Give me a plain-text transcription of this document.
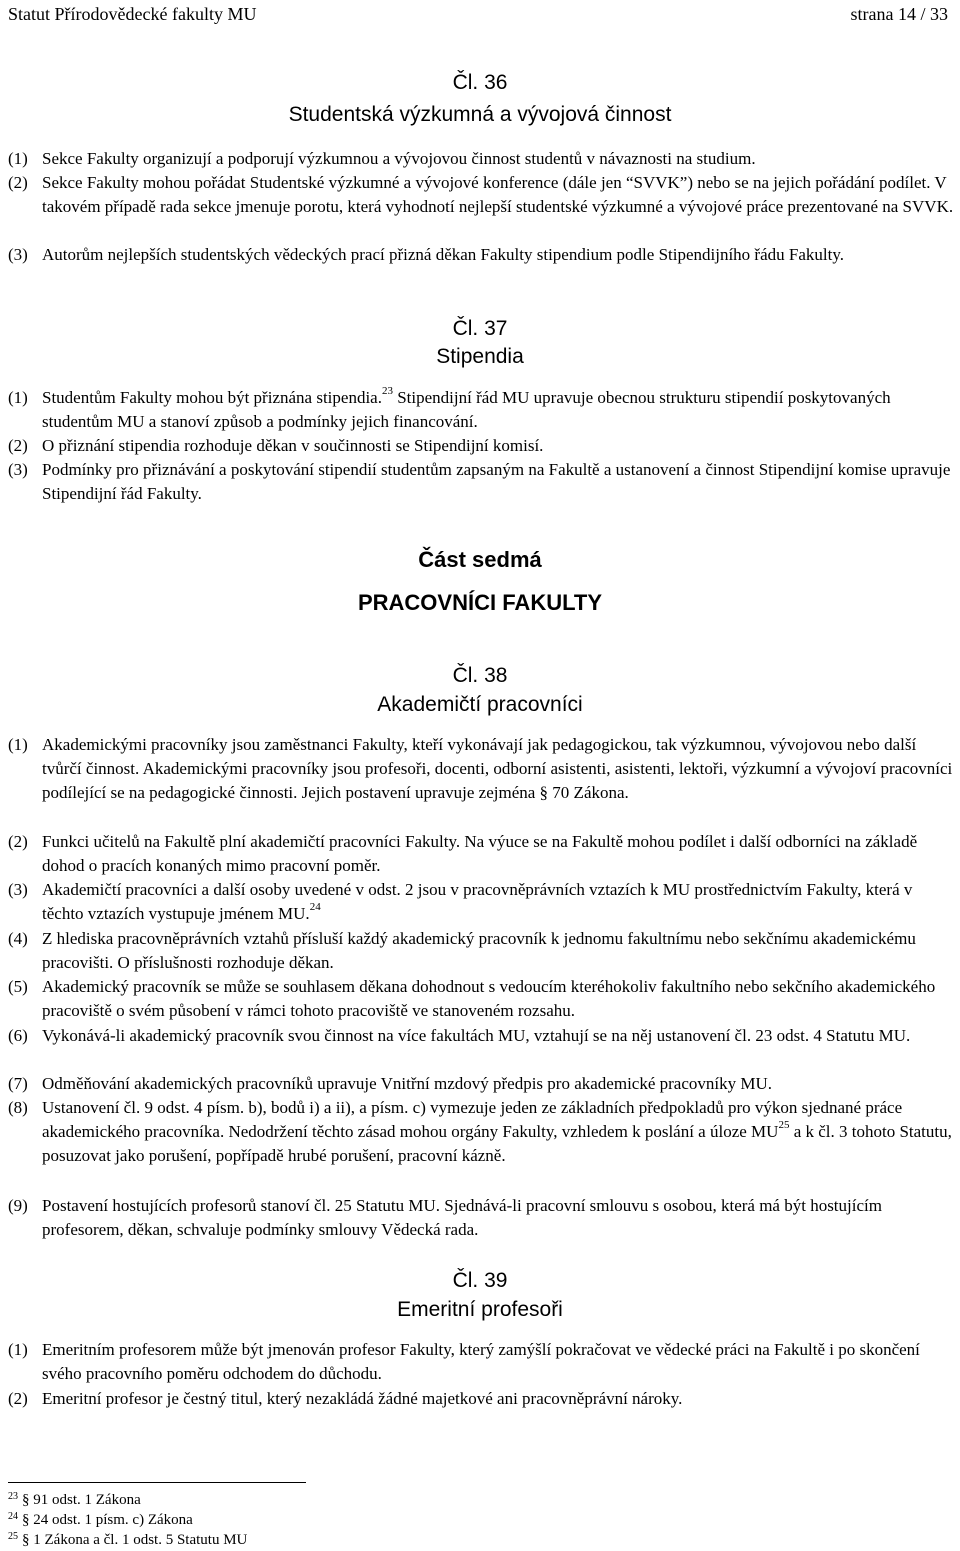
Statut Přírodovědecké fakulty MU	strana 14 / 33
Čl. 36
Studentská výzkumná a vývojová činnost
(1) Sekce Fakulty organizují a podporují výzkumnou a vývojovou činnost studentů v návaznosti na studium.
(2) Sekce Fakulty mohou pořádat Studentské výzkumné a vývojové konference (dále jen “SVVK”) nebo se na jejich pořádání podílet. V takovém případě rada sekce jmenuje porotu, která vyhodnotí nejlepší studentské výzkumné a vývojové práce prezentované na SVVK.
(3) Autorům nejlepších studentských vědeckých prací přizná děkan Fakulty stipendium podle Stipendijního řádu Fakulty.
Čl. 37
Stipendia
(1) Studentům Fakulty mohou být přiznána stipendia.$^{23}$ Stipendijní řád MU upravuje obecnou strukturu stipendií poskytovaných studentům MU a stanoví způsob a podmínky jejich financování.
(2) O přiznání stipendia rozhoduje děkan v součinnosti se Stipendijní komisí.
(3) Podmínky pro přiznávání a poskytování stipendií studentům zapsaným na Fakultě a ustanovení a činnost Stipendijní komise upravuje Stipendijní řád Fakulty.
Část sedmá
PRACOVNÍCI FAKULTY
Čl. 38
Akademičtí pracovníci
(1) Akademickými pracovníky jsou zaměstnanci Fakulty, kteří vykonávají jak pedagogickou, tak výzkumnou, vývojovou nebo další tvůrčí činnost. Akademickými pracovníky jsou profesoři, docenti, odborní asistenti, asistenti, lektoři, výzkumní a vývojoví pracovníci podílející se na pedagogické činnosti. Jejich postavení upravuje zejména § 70 Zákona.
(2) Funkci učitelů na Fakultě plní akademičtí pracovníci Fakulty. Na výuce se na Fakultě mohou podílet i další odborníci na základě dohod o pracích konaných mimo pracovní poměr.
(3) Akademičtí pracovníci a další osoby uvedené v odst. 2 jsou v pracovněprávních vztazích k MU prostřednictvím Fakulty, která v těchto vztazích vystupuje jménem MU.$^{24}$
(4) Z hlediska pracovněprávních vztahů přísluší každý akademický pracovník k jednomu fakultnímu nebo sekčnímu akademickému pracovišti. O příslušnosti rozhoduje děkan.
(5) Akademický pracovník se může se souhlasem děkana dohodnout s vedoucím kteréhokoliv fakultního nebo sekčního akademického pracoviště o svém působení v rámci tohoto pracoviště ve stanoveném rozsahu.
(6) Vykonává-li akademický pracovník svou činnost na více fakultách MU, vztahují se na něj ustanovení čl. 23 odst. 4 Statutu MU.
(7) Odměňování akademických pracovníků upravuje Vnitřní mzdový předpis pro akademické pracovníky MU.
(8) Ustanovení čl. 9 odst. 4 písm. b), bodů i) a ii), a písm. c) vymezuje jeden ze základních předpokladů pro výkon sjednané práce akademického pracovníka. Nedodržení těchto zásad mohou orgány Fakulty, vzhledem k poslání a úloze MU$^{25}$ a k čl. 3 tohoto Statutu, posuzovat jako porušení, popřípadě hrubé porušení, pracovní kázně.
(9) Postavení hostujících profesorů stanoví čl. 25 Statutu MU. Sjednává-li pracovní smlouvu s osobou, která má být hostujícím profesorem, děkan, schvaluje podmínky smlouvy Vědecká rada.
Čl. 39
Emeritní profesoři
(1) Emeritním profesorem může být jmenován profesor Fakulty, který zamýšlí pokračovat ve vědecké práci na Fakultě i po skončení svého pracovního poměru odchodem do důchodu.
(2) Emeritní profesor je čestný titul, který nezakládá žádné majetkové ani pracovněprávní nároky.
$^{23}$ § 91 odst. 1 Zákona
$^{24}$ § 24 odst. 1 písm. c) Zákona
$^{25}$ § 1 Zákona a čl. 1 odst. 5 Statutu MU
